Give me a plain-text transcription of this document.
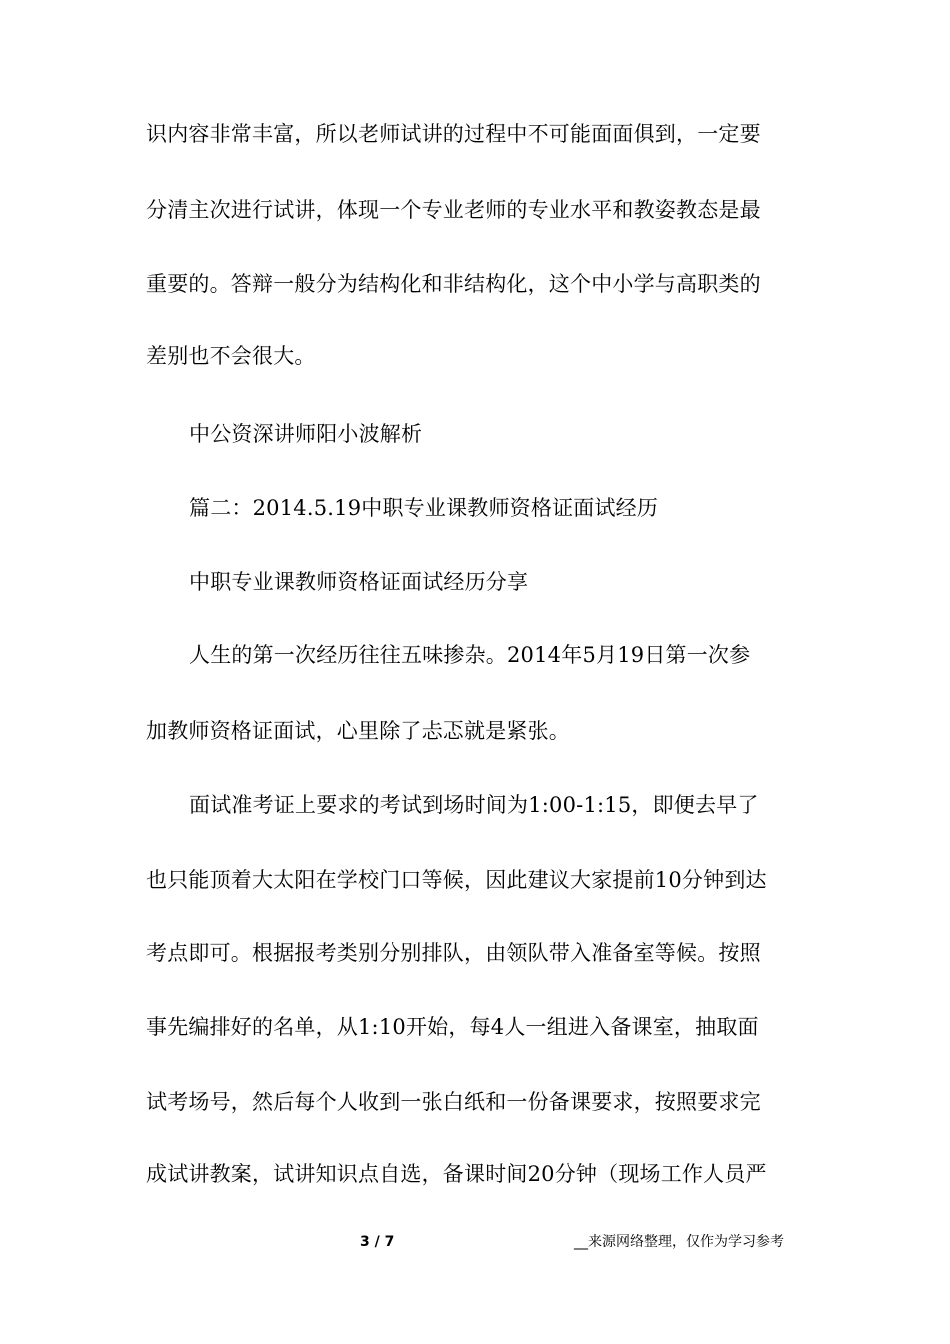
识内容非常丰富，所以老师试讲的过程中不可能面面俱到，一定要
分清主次进行试讲，体现一个专业老师的专业水平和教姿教态是最
重要的。答辩一般分为结构化和非结构化，这个中小学与高职类的
差别也不会很大。
中公资深讲师阳小波解析
篇二：2014.5.19中职专业课教师资格证面试经历
中职专业课教师资格证面试经历分享
人生的第一次经历往往五味掺杂。2014年5月19日第一次参
加教师资格证面试，心里除了忐忑就是紧张。
面试准考证上要求的考试到场时间为1:00-1:15，即便去早了
也只能顶着大太阳在学校门口等候，因此建议大家提前10分钟到达
考点即可。根据报考类别分别排队，由领队带入准备室等候。按照
事先编排好的名单，从1:10开始，每4人一组进入备课室，抽取面
试考场号，然后每个人收到一张白纸和一份备课要求，按照要求完
成试讲教案，试讲知识点自选，备课时间20分钟（现场工作人员严
3 / 7	__来源网络整理，仅作为学习参考
